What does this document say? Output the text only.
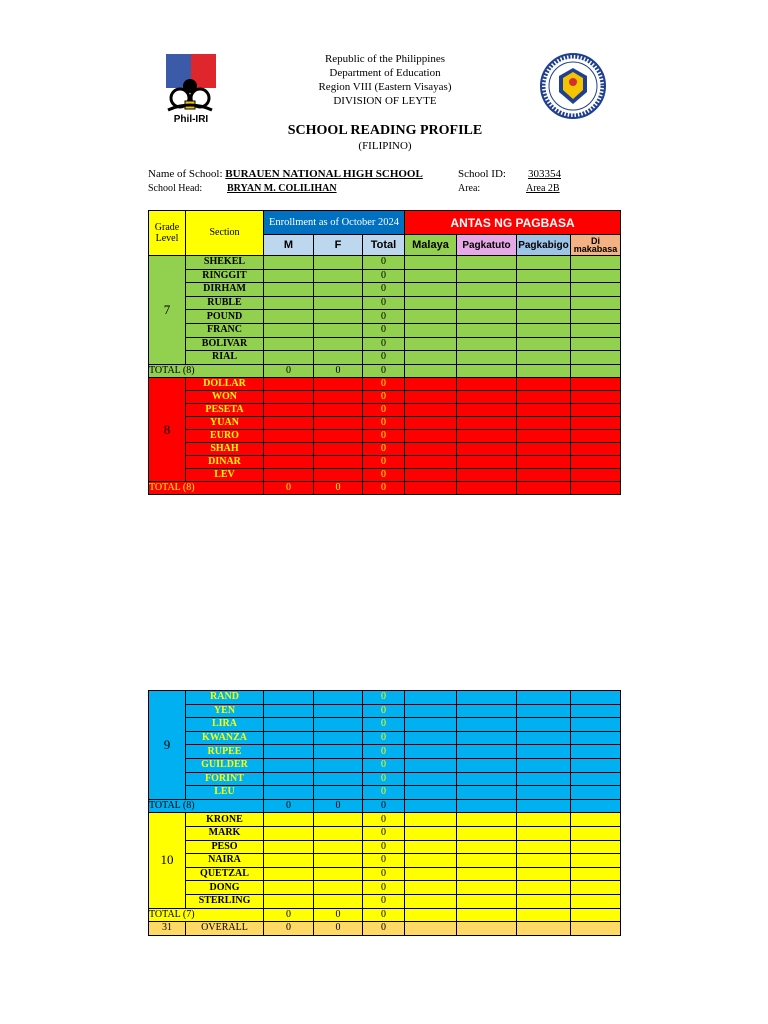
Phil-IRI
Republic of the Philippines
Department of Education
Region VIII (Eastern Visayas)
DIVISION OF LEYTE
SCHOOL READING PROFILE
(FILIPINO)
Name of School: BURAUEN NATIONAL HIGH SCHOOL	School ID: 303354
School Head: BRYAN M. COLILIHAN	Area:	Area 2B
Grade Level	Section	Enrollment as of October 2024			ANTAS NG PAGBASA			
		M	F	Total	Malaya	Pagkatuto	Pagkabigo	Di makabasa
7	SHEKEL			0				
	RINGGIT			0				
	DIRHAM			0				
	RUBLE			0				
	POUND			0				
	FRANC			0				
	BOLIVAR			0				
	RIAL			0				
TOTAL (8)		0	0	0				
8	DOLLAR			0				
	WON			0				
	PESETA			0				
	YUAN			0				
	EURO			0				
	SHAH			0				
	DINAR			0				
	LEV			0				
TOTAL (8)		0	0	0				
9	RAND			0				
	YEN			0				
	LIRA			0				
	KWANZA			0				
	RUPEE			0				
	GUILDER			0				
	FORINT			0				
	LEU			0				
TOTAL (8)		0	0	0				
10	KRONE			0				
	MARK			0				
	PESO			0				
	NAIRA			0				
	QUETZAL			0				
	DONG			0				
	STERLING			0				
TOTAL (7)		0	0	0				
31	OVERALL	0	0	0				
